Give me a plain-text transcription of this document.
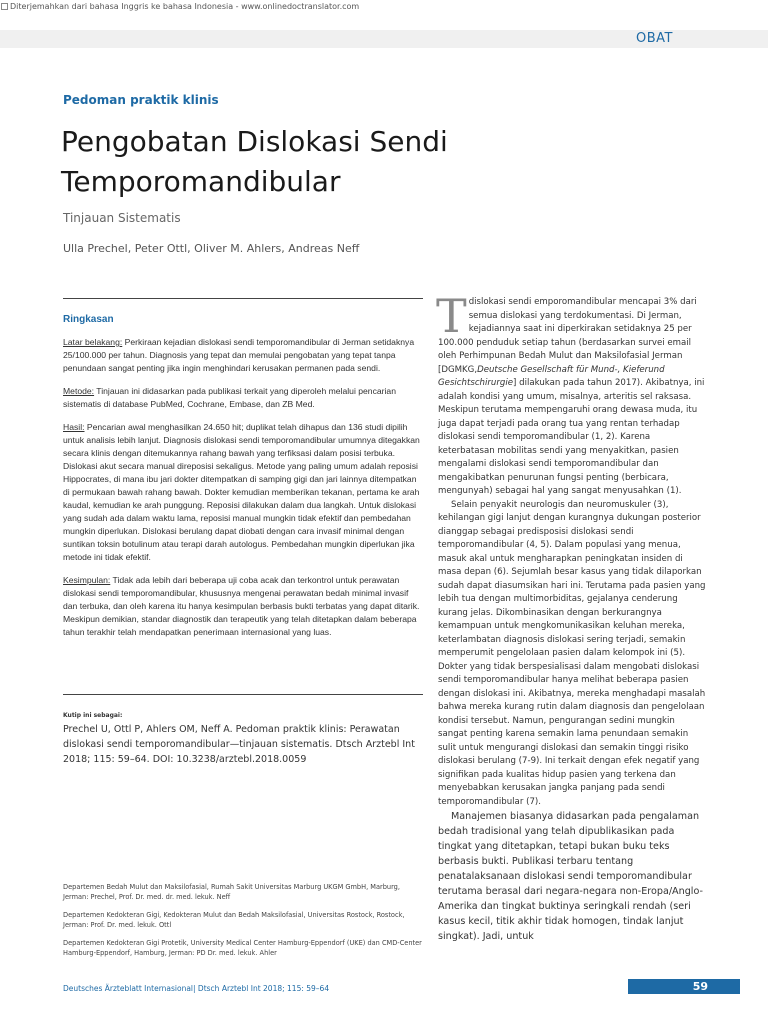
Diterjemahkan dari bahasa Inggris ke bahasa Indonesia - www.onlinedoctranslator.com
OBAT
Pedoman praktik klinis
Pengobatan Dislokasi Sendi Temporomandibular
Tinjauan Sistematis
Ulla Prechel, Peter Ottl, Oliver M. Ahlers, Andreas Neff
Ringkasan

Latar belakang: Perkiraan kejadian dislokasi sendi temporomandibular di Jerman setidaknya 25/100.000 per tahun. Diagnosis yang tepat dan memulai pengobatan yang tepat tanpa penundaan sangat penting jika ingin menghindari kerusakan permanen pada sendi.

Metode: Tinjauan ini didasarkan pada publikasi terkait yang diperoleh melalui pencarian sistematis di database PubMed, Cochrane, Embase, dan ZB Med.

Hasil: Pencarian awal menghasilkan 24.650 hit; duplikat telah dihapus dan 136 studi dipilih untuk analisis lebih lanjut. Diagnosis dislokasi sendi temporomandibular umumnya ditegakkan secara klinis dengan ditemukannya rahang bawah yang terfiksasi dalam posisi terbuka. Dislokasi akut secara manual direposisi sekaligus. Metode yang paling umum adalah reposisi Hippocrates, di mana ibu jari dokter ditempatkan di samping gigi dan jari lainnya ditempatkan di permukaan bawah rahang bawah. Dokter kemudian memberikan tekanan, pertama ke arah kaudal, kemudian ke arah punggung. Reposisi dilakukan dalam dua langkah. Untuk dislokasi yang sudah ada dalam waktu lama, reposisi manual mungkin tidak efektif dan pembedahan mungkin diperlukan. Dislokasi berulang dapat diobati dengan cara invasif minimal dengan suntikan toksin botulinum atau terapi darah autologus. Pembedahan mungkin diperlukan jika metode ini tidak efektif.

Kesimpulan: Tidak ada lebih dari beberapa uji coba acak dan terkontrol untuk perawatan dislokasi sendi temporomandibular, khususnya mengenai perawatan bedah minimal invasif dan terbuka, dan oleh karena itu hanya kesimpulan berbasis bukti terbatas yang dapat ditarik. Meskipun demikian, standar diagnostik dan terapeutik yang telah ditetapkan dalam beberapa tahun terakhir telah mendapatkan penerimaan internasional yang luas.

Kutip ini sebagai:
Prechel U, Ottl P, Ahlers OM, Neff A. Pedoman praktik klinis: Perawatan dislokasi sendi temporomandibular—tinjauan sistematis. Dtsch Arztebl Int 2018; 115: 59–64. DOI: 10.3238/arztebl.2018.0059

Departemen Bedah Mulut dan Maksilofasial, Rumah Sakit Universitas Marburg UKGM GmbH, Marburg, Jerman: Prechel, Prof. Dr. med. dr. med. lekuk. Neff

Departemen Kedokteran Gigi, Kedokteran Mulut dan Bedah Maksilofasial, Universitas Rostock, Rostock, Jerman: Prof. Dr. med. lekuk. Ottl

Departemen Kedokteran Gigi Protetik, University Medical Center Hamburg-Eppendorf (UKE) dan CMD-Center Hamburg-Eppendorf, Hamburg, Jerman: PD Dr. med. lekuk. Ahler

Tdislokasi sendi emporomandibular mencapai 3% dari semua dislokasi yang terdokumentasi. Di Jerman, kejadiannya saat ini diperkirakan setidaknya 25 per 100.000 penduduk setiap tahun (berdasarkan survei email oleh Perhimpunan Bedah Mulut dan Maksilofasial Jerman [DGMKG,Deutsche Gesellschaft für Mund-, Kieferund Gesichtschirurgie] dilakukan pada tahun 2017). Akibatnya, ini adalah kondisi yang umum, misalnya, arteritis sel raksasa. Meskipun terutama mempengaruhi orang dewasa muda, itu juga dapat terjadi pada orang tua yang rentan terhadap dislokasi sendi temporomandibular (1, 2). Karena keterbatasan mobilitas sendi yang menyakitkan, pasien mengalami dislokasi sendi temporomandibular dan mengakibatkan penurunan fungsi penting (berbicara, mengunyah) sebagai hal yang sangat menyusahkan (1).

Selain penyakit neurologis dan neuromuskuler (3), kehilangan gigi lanjut dengan kurangnya dukungan posterior dianggap sebagai predisposisi dislokasi sendi temporomandibular (4, 5). Dalam populasi yang menua, masuk akal untuk mengharapkan peningkatan insiden di masa depan (6). Sejumlah besar kasus yang tidak dilaporkan sudah dapat diasumsikan hari ini. Terutama pada pasien yang lebih tua dengan multimorbiditas, gejalanya cenderung kurang jelas. Dikombinasikan dengan berkurangnya kemampuan untuk mengkomunikasikan keluhan mereka, keterlambatan diagnosis dislokasi sering terjadi, semakin memperumit pengelolaan pasien dalam kelompok ini (5). Dokter yang tidak berspesialisasi dalam mengobati dislokasi sendi temporomandibular hanya melihat beberapa pasien dengan dislokasi ini. Akibatnya, mereka menghadapi masalah bahwa mereka kurang rutin dalam diagnosis dan pengelolaan kondisi tersebut. Namun, pengurangan sedini mungkin sangat penting karena semakin lama penundaan semakin sulit untuk mengurangi dislokasi dan semakin tinggi risiko dislokasi berulang (7-9). Ini terkait dengan efek negatif yang signifikan pada kualitas hidup pasien yang terkena dan menyebabkan kerusakan jangka panjang pada sendi temporomandibular (7).

Manajemen biasanya didasarkan pada pengalaman bedah tradisional yang telah dipublikasikan pada tingkat yang ditetapkan, tetapi bukan buku teks berbasis bukti. Publikasi terbaru tentang penatalaksanaan dislokasi sendi temporomandibular terutama berasal dari negara-negara non-Eropa/Anglo-Amerika dan tingkat buktinya seringkali rendah (seri kasus kecil, titik akhir tidak homogen, tindak lanjut singkat). Jadi, untuk

Deutsches Ärzteblatt Internasional| Dtsch Arztebl Int 2018; 115: 59–64	59
